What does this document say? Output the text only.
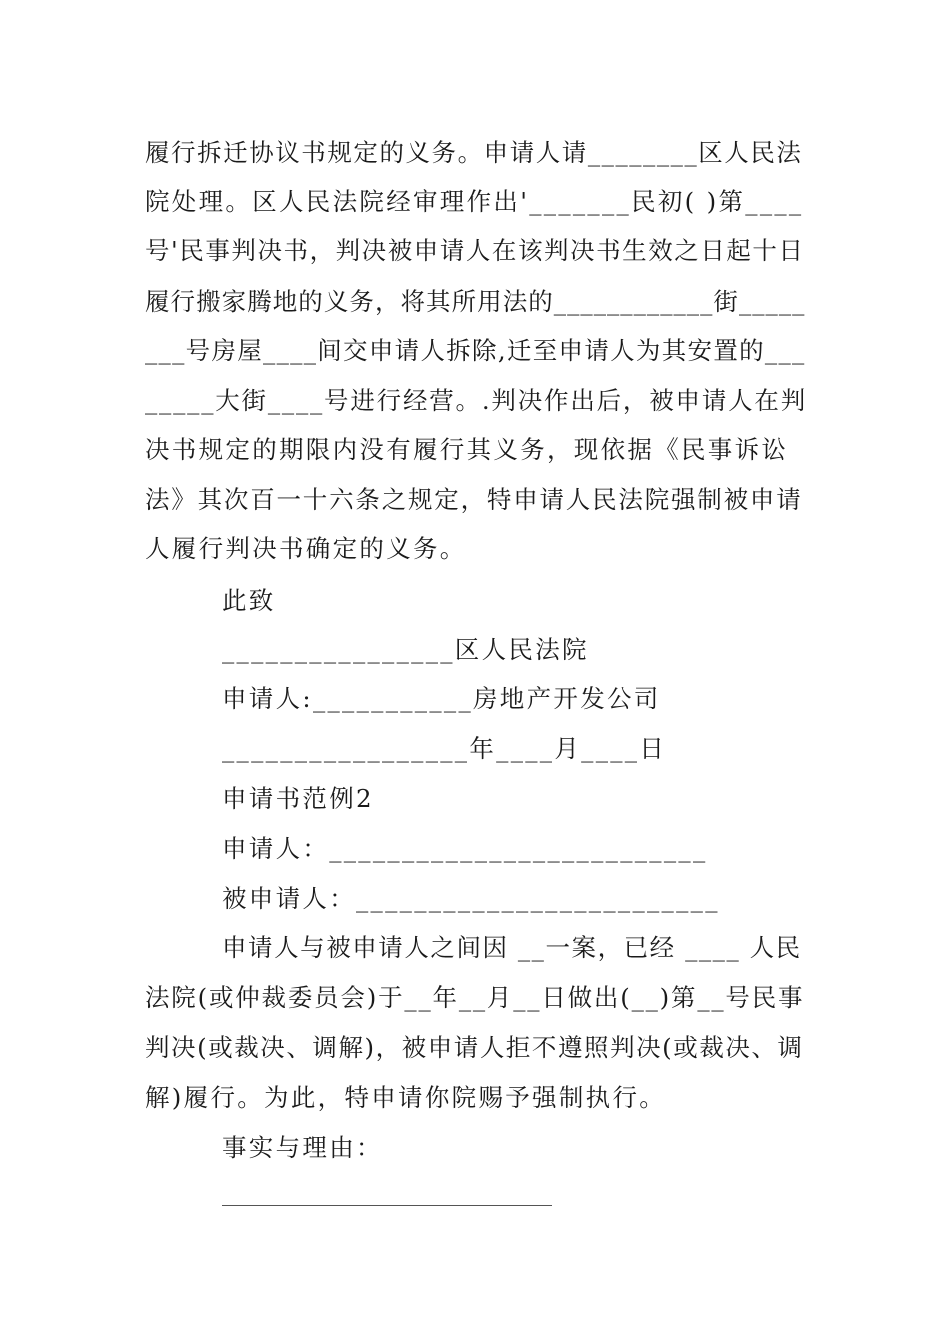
履行拆迁协议书规定的义务。申请人请________区人民法
院处理。区人民法院经审理作出'_______民初( )第____
号'民事判决书，判决被申请人在该判决书生效之日起十日
履行搬家腾地的义务，将其所用法的____________街_____
___号房屋____间交申请人拆除,迁至申请人为其安置的___
_____大街____号进行经营。.判决作出后，被申请人在判
决书规定的期限内没有履行其义务，现依据《民事诉讼
法》其次百一十六条之规定，特申请人民法院强制被申请
人履行判决书确定的义务。
此致
________________区人民法院
申请人:___________房地产开发公司
_________________年____月____日
申请书范例2
申请人：__________________________
被申请人：_________________________
申请人与被申请人之间因 __一案，已经 ____ 人民
法院(或仲裁委员会)于__年__月__日做出(__)第__号民事
判决(或裁决、调解)，被申请人拒不遵照判决(或裁决、调
解)履行。为此，特申请你院赐予强制执行。
事实与理由：
